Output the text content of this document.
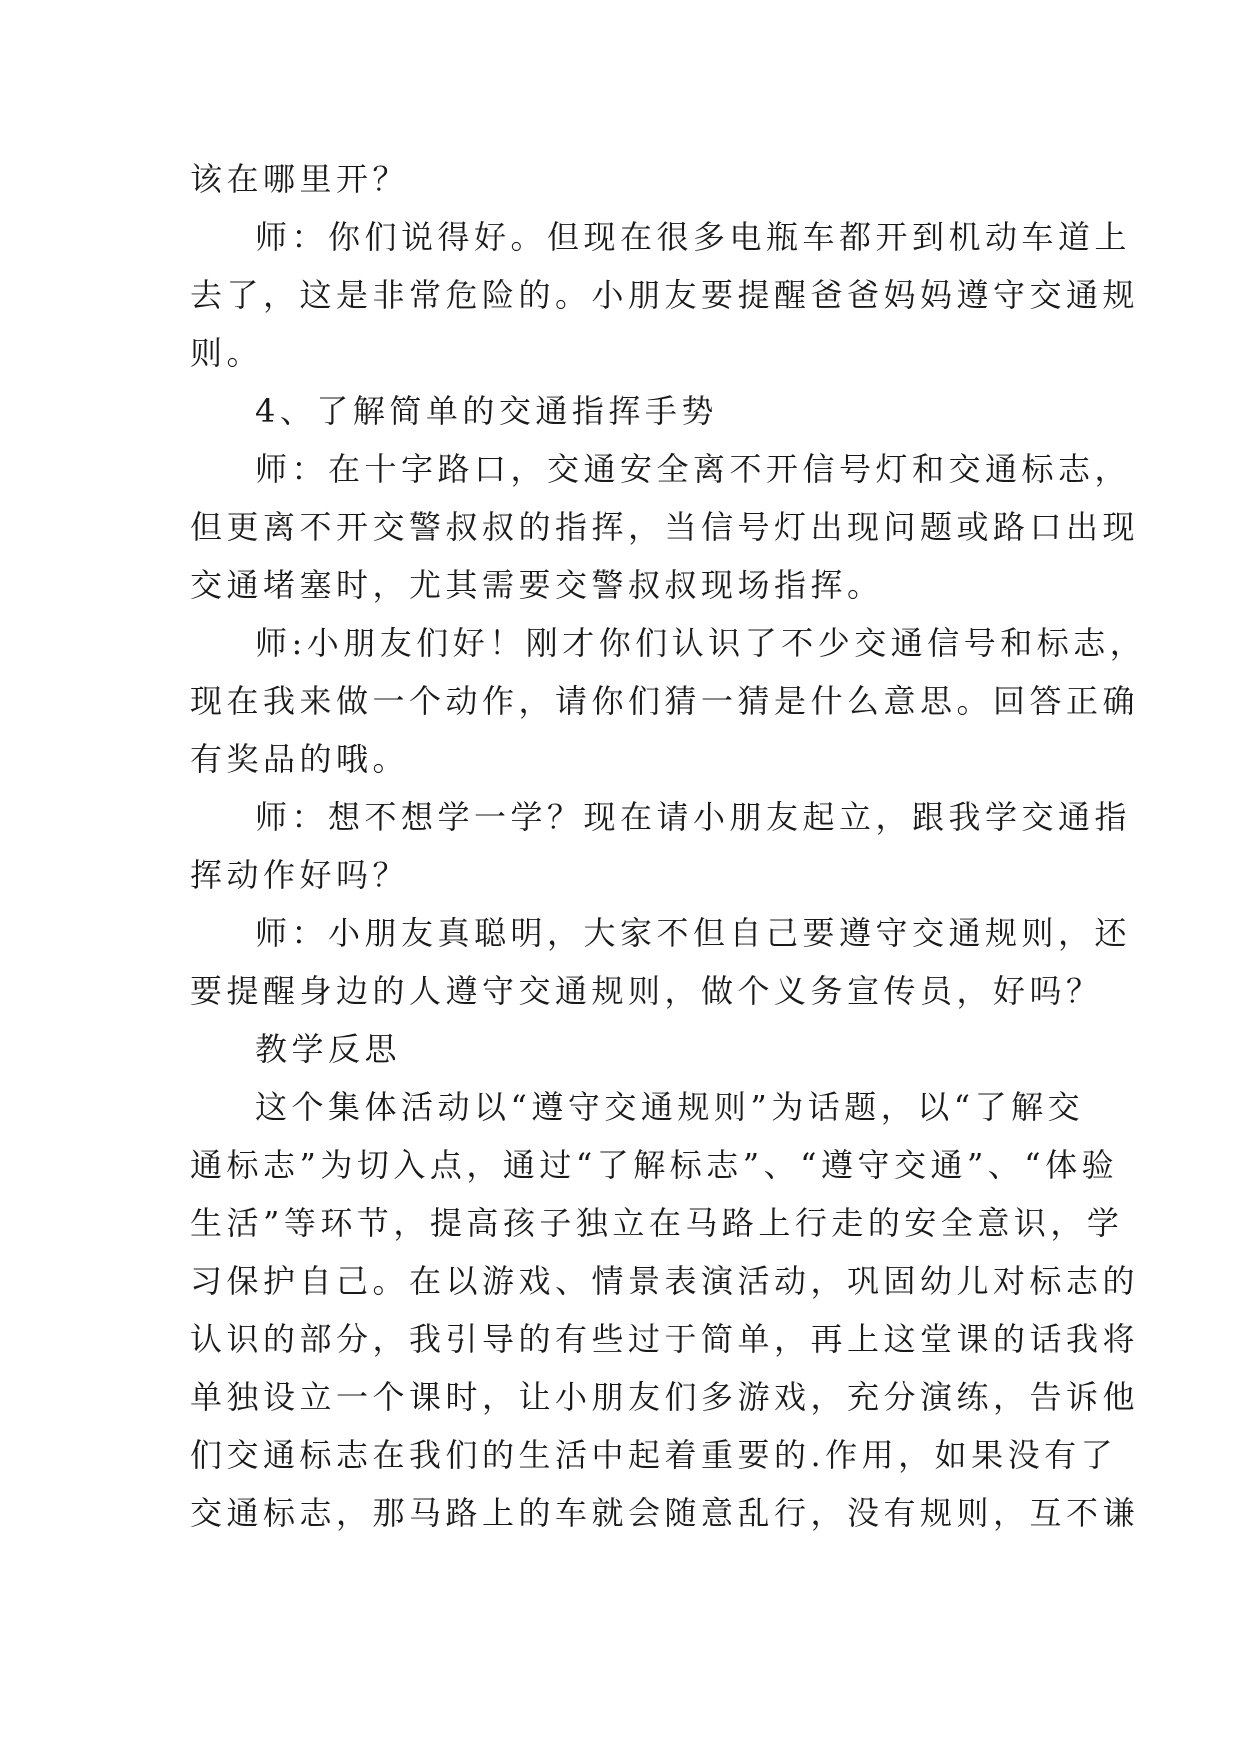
该在哪里开？
师：你们说得好。但现在很多电瓶车都开到机动车道上
去了，这是非常危险的。小朋友要提醒爸爸妈妈遵守交通规
则。
4、了解简单的交通指挥手势
师：在十字路口，交通安全离不开信号灯和交通标志，
但更离不开交警叔叔的指挥，当信号灯出现问题或路口出现
交通堵塞时，尤其需要交警叔叔现场指挥。
师:小朋友们好！刚才你们认识了不少交通信号和标志，
现在我来做一个动作，请你们猜一猜是什么意思。回答正确
有奖品的哦。
师：想不想学一学？现在请小朋友起立，跟我学交通指
挥动作好吗？
师：小朋友真聪明，大家不但自己要遵守交通规则，还
要提醒身边的人遵守交通规则，做个义务宣传员，好吗？
教学反思
这个集体活动以“遵守交通规则”为话题，以“了解交
通标志”为切入点，通过“了解标志”、“遵守交通”、“体验
生活”等环节，提高孩子独立在马路上行走的安全意识，学
习保护自己。在以游戏、情景表演活动，巩固幼儿对标志的
认识的部分，我引导的有些过于简单，再上这堂课的话我将
单独设立一个课时，让小朋友们多游戏，充分演练，告诉他
们交通标志在我们的生活中起着重要的.作用，如果没有了
交通标志，那马路上的车就会随意乱行，没有规则，互不谦
